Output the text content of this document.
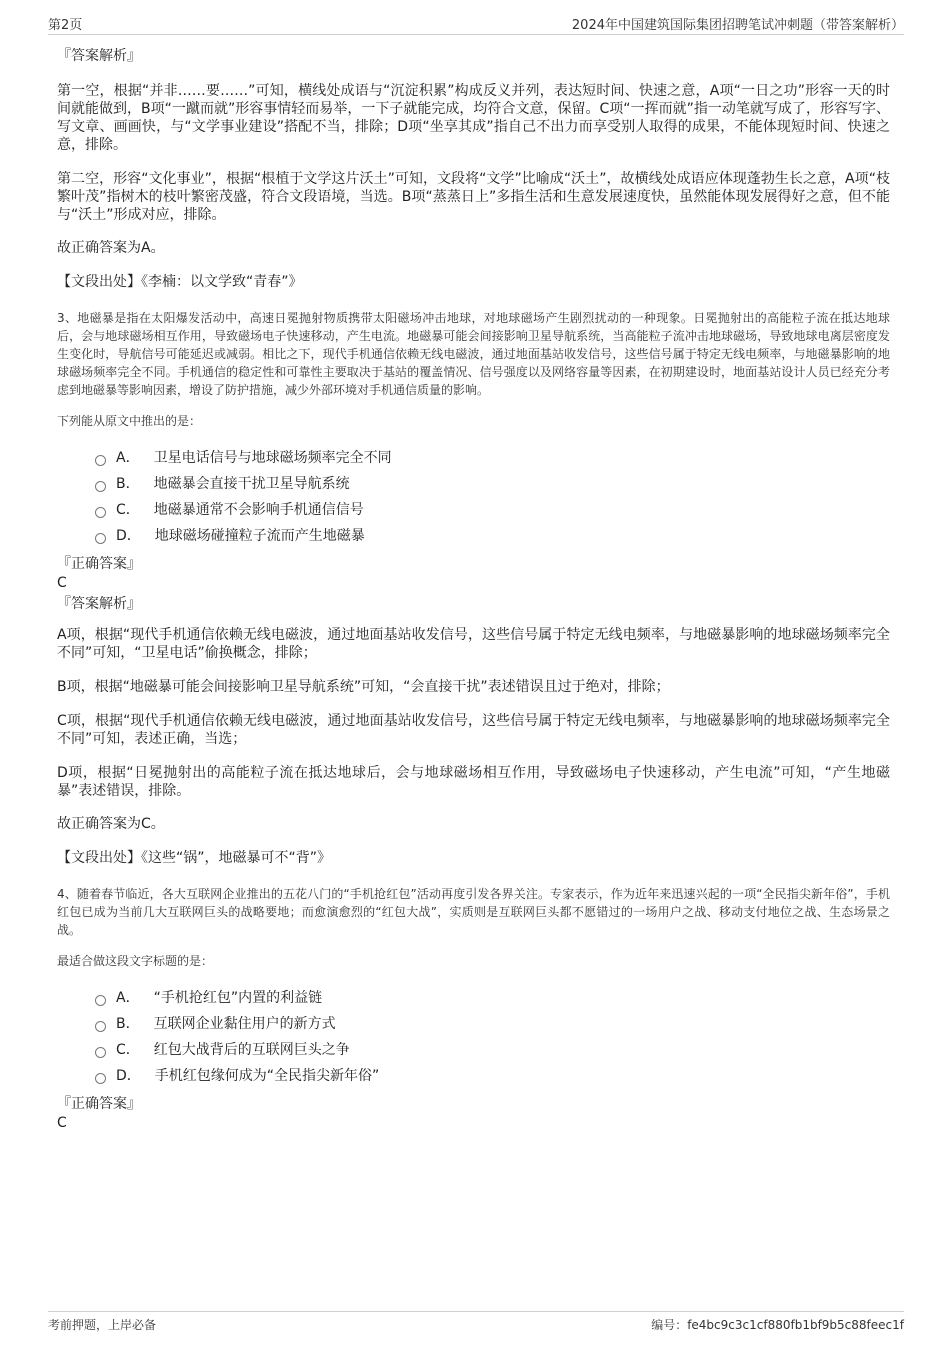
第2页	2024年中国建筑国际集团招聘笔试冲刺题（带答案解析）

『答案解析』

第一空，根据“并非……要……”可知，横线处成语与“沉淀积累”构成反义并列，表达短时间、快速之意，A项“一日之功”形容一天的时间就能做到，B项“一蹴而就”形容事情轻而易举，一下子就能完成，均符合文意，保留。C项“一挥而就”指一动笔就写成了，形容写字、写文章、画画快，与“文学事业建设”搭配不当，排除；D项“坐享其成”指自己不出力而享受别人取得的成果，不能体现短时间、快速之意，排除。

第二空，形容“文化事业”，根据“根植于文学这片沃土”可知，文段将“文学”比喻成“沃土”，故横线处成语应体现蓬勃生长之意，A项“枝繁叶茂”指树木的枝叶繁密茂盛，符合文段语境，当选。B项“蒸蒸日上”多指生活和生意发展速度快，虽然能体现发展得好之意，但不能与“沃土”形成对应，排除。

故正确答案为A。

【文段出处】《李楠：以文学致“青春”》

3、地磁暴是指在太阳爆发活动中，高速日冕抛射物质携带太阳磁场冲击地球，对地球磁场产生剧烈扰动的一种现象。日冕抛射出的高能粒子流在抵达地球后，会与地球磁场相互作用，导致磁场电子快速移动，产生电流。地磁暴可能会间接影响卫星导航系统，当高能粒子流冲击地球磁场，导致地球电离层密度发生变化时，导航信号可能延迟或减弱。相比之下，现代手机通信依赖无线电磁波，通过地面基站收发信号，这些信号属于特定无线电频率，与地磁暴影响的地球磁场频率完全不同。手机通信的稳定性和可靠性主要取决于基站的覆盖情况、信号强度以及网络容量等因素，在初期建设时，地面基站设计人员已经充分考虑到地磁暴等影响因素，增设了防护措施，减少外部环境对手机通信质量的影响。

下列能从原文中推出的是：

A． 卫星电话信号与地球磁场频率完全不同
B． 地磁暴会直接干扰卫星导航系统
C． 地磁暴通常不会影响手机通信信号
D． 地球磁场碰撞粒子流而产生地磁暴

『正确答案』

C

『答案解析』

A项，根据“现代手机通信依赖无线电磁波，通过地面基站收发信号，这些信号属于特定无线电频率，与地磁暴影响的地球磁场频率完全不同”可知，“卫星电话”偷换概念，排除；

B项，根据“地磁暴可能会间接影响卫星导航系统”可知，“会直接干扰”表述错误且过于绝对，排除；

C项，根据“现代手机通信依赖无线电磁波，通过地面基站收发信号，这些信号属于特定无线电频率，与地磁暴影响的地球磁场频率完全不同”可知，表述正确，当选；

D项，根据“日冕抛射出的高能粒子流在抵达地球后，会与地球磁场相互作用，导致磁场电子快速移动，产生电流”可知，“产生地磁暴”表述错误，排除。

故正确答案为C。

【文段出处】《这些“锅”，地磁暴可不“背”》

4、随着春节临近，各大互联网企业推出的五花八门的“手机抢红包”活动再度引发各界关注。专家表示，作为近年来迅速兴起的一项“全民指尖新年俗”，手机红包已成为当前几大互联网巨头的战略要地；而愈演愈烈的“红包大战”，实质则是互联网巨头都不愿错过的一场用户之战、移动支付地位之战、生态场景之战。

最适合做这段文字标题的是：

A． “手机抢红包”内置的利益链
B． 互联网企业黏住用户的新方式
C． 红包大战背后的互联网巨头之争
D． 手机红包缘何成为“全民指尖新年俗”

『正确答案』

C

考前押题，上岸必备	编号：fe4bc9c3c1cf880fb1bf9b5c88feec1f
